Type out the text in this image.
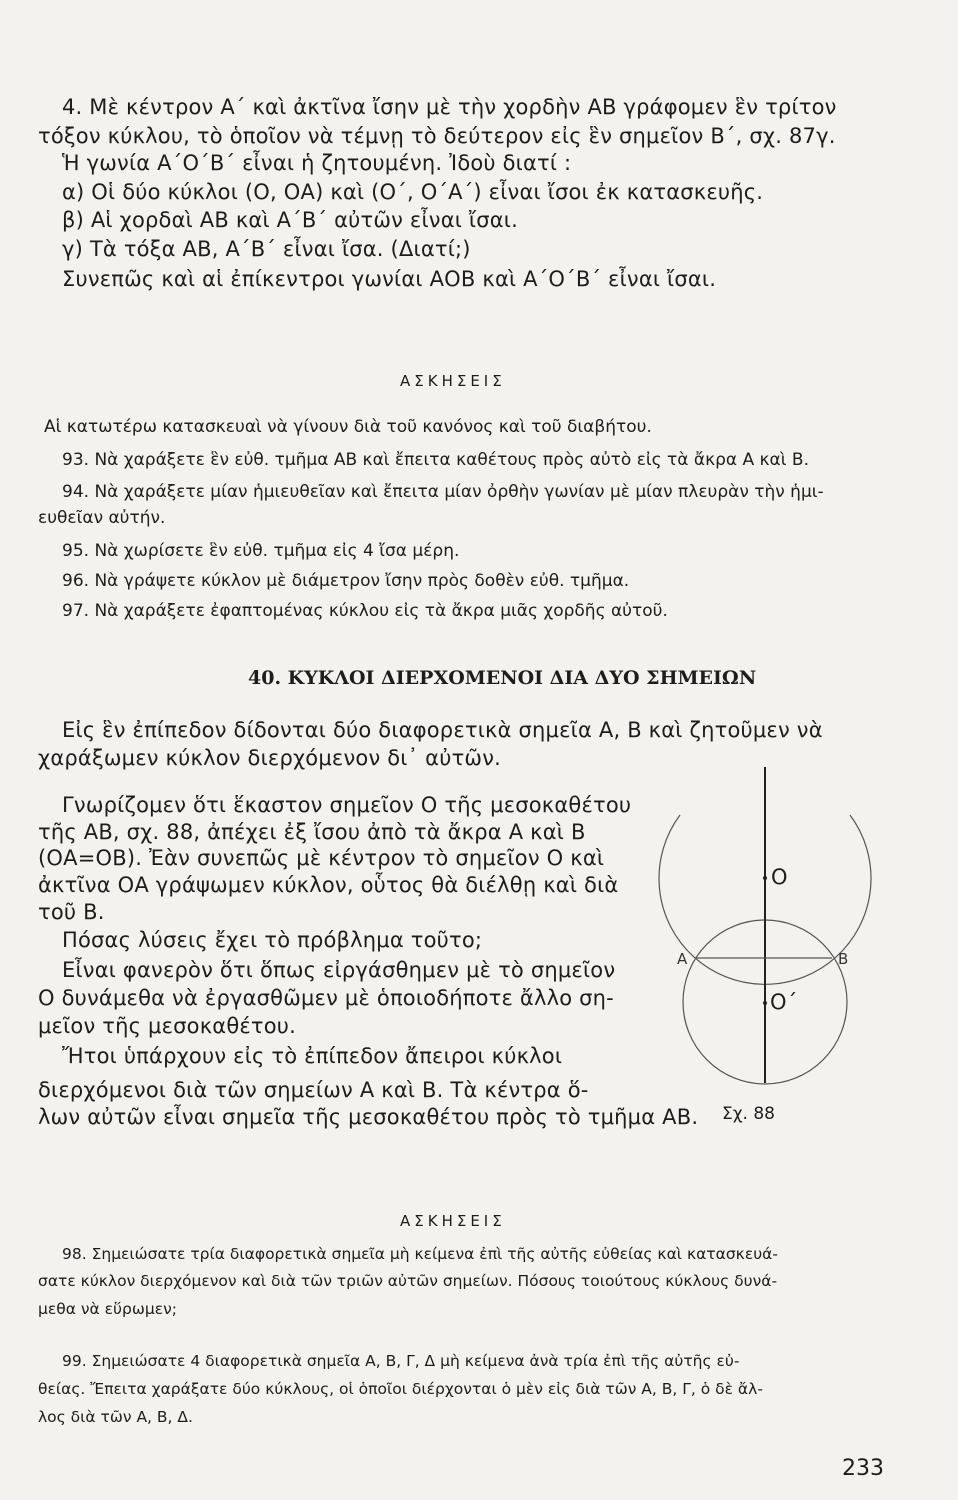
4. Μὲ κέντρον Α΄ καὶ ἀκτῖνα ἴσην μὲ τὴν χορδὴν ΑΒ γράφομεν ἓν τρίτον
τόξον κύκλου, τὸ ὁποῖον νὰ τέμνῃ τὸ δεύτερον εἰς ἓν σημεῖον Β΄, σχ. 87γ.
Ἡ γωνία Α΄Ο΄Β΄ εἶναι ἡ ζητουμένη. Ἰδοὺ διατί :
α) Οἱ δύο κύκλοι (Ο, ΟΑ) καὶ (Ο΄, Ο΄Α΄) εἶναι ἴσοι ἐκ κατασκευῆς.
β) Αἱ χορδαὶ ΑΒ καὶ Α΄Β΄ αὐτῶν εἶναι ἴσαι.
γ) Τὰ τόξα ΑΒ, Α΄Β΄ εἶναι ἴσα. (Διατί;)
Συνεπῶς καὶ αἱ ἐπίκεντροι γωνίαι ΑΟΒ καὶ Α΄Ο΄Β΄ εἶναι ἴσαι.
ΑΣΚΗΣΕΙΣ
Αἱ κατωτέρω κατασκευαὶ νὰ γίνουν διὰ τοῦ κανόνος καὶ τοῦ διαβήτου.
93. Νὰ χαράξετε ἓν εὐθ. τμῆμα ΑΒ καὶ ἔπειτα καθέτους πρὸς αὐτὸ εἰς τὰ ἄκρα Α καὶ Β.
94. Νὰ χαράξετε μίαν ἡμιευθεῖαν καὶ ἔπειτα μίαν ὀρθὴν γωνίαν μὲ μίαν πλευρὰν τὴν ἡμι-
ευθεῖαν αὐτήν.
95. Νὰ χωρίσετε ἓν εὐθ. τμῆμα εἰς 4 ἴσα μέρη.
96. Νὰ γράψετε κύκλον μὲ διάμετρον ἴσην πρὸς δοθὲν εὐθ. τμῆμα.
97. Νὰ χαράξετε ἐφαπτομένας κύκλου εἰς τὰ ἄκρα μιᾶς χορδῆς αὐτοῦ.
40. ΚΥΚΛΟΙ ΔΙΕΡΧΟΜΕΝΟΙ ΔΙΑ ΔΥΟ ΣΗΜΕΙΩΝ
Εἰς ἓν ἐπίπεδον δίδονται δύο διαφορετικὰ σημεῖα Α, Β καὶ ζητοῦμεν νὰ
χαράξωμεν κύκλον διερχόμενον δι᾽ αὐτῶν.
Γνωρίζομεν ὅτι ἕκαστον σημεῖον Ο τῆς μεσοκαθέτου
τῆς ΑΒ, σχ. 88, ἀπέχει ἐξ ἴσου ἀπὸ τὰ ἄκρα Α καὶ Β
(ΟΑ=ΟΒ). Ἐὰν συνεπῶς μὲ κέντρον τὸ σημεῖον Ο καὶ
ἀκτῖνα ΟΑ γράψωμεν κύκλον, οὗτος θὰ διέλθῃ καὶ διὰ
τοῦ Β.
Πόσας λύσεις ἔχει τὸ πρόβλημα τοῦτο;
Εἶναι φανερὸν ὅτι ὅπως εἰργάσθημεν μὲ τὸ σημεῖον
Ο δυνάμεθα νὰ ἐργασθῶμεν μὲ ὁποιοδήποτε ἄλλο ση-
μεῖον τῆς μεσοκαθέτου.
Ἤτοι ὑπάρχουν εἰς τὸ ἐπίπεδον ἄπειροι κύκλοι
διερχόμενοι διὰ τῶν σημείων Α καὶ Β. Τὰ κέντρα ὅ-
λων αὐτῶν εἶναι σημεῖα τῆς μεσοκαθέτου πρὸς τὸ τμῆμα ΑΒ.
Ο
Ο΄
Α	Β
Σχ. 88
ΑΣΚΗΣΕΙΣ
98. Σημειώσατε τρία διαφορετικὰ σημεῖα μὴ κείμενα ἐπὶ τῆς αὐτῆς εὐθείας καὶ κατασκευά-
σατε κύκλον διερχόμενον καὶ διὰ τῶν τριῶν αὐτῶν σημείων. Πόσους τοιούτους κύκλους δυνά-
μεθα νὰ εὕρωμεν;
99. Σημειώσατε 4 διαφορετικὰ σημεῖα Α, Β, Γ, Δ μὴ κείμενα ἀνὰ τρία ἐπὶ τῆς αὐτῆς εὐ-
θείας. Ἔπειτα χαράξατε δύο κύκλους, οἱ ὁποῖοι διέρχονται ὁ μὲν εἰς διὰ τῶν Α, Β, Γ, ὁ δὲ ἄλ-
λος διὰ τῶν Α, Β, Δ.
233
